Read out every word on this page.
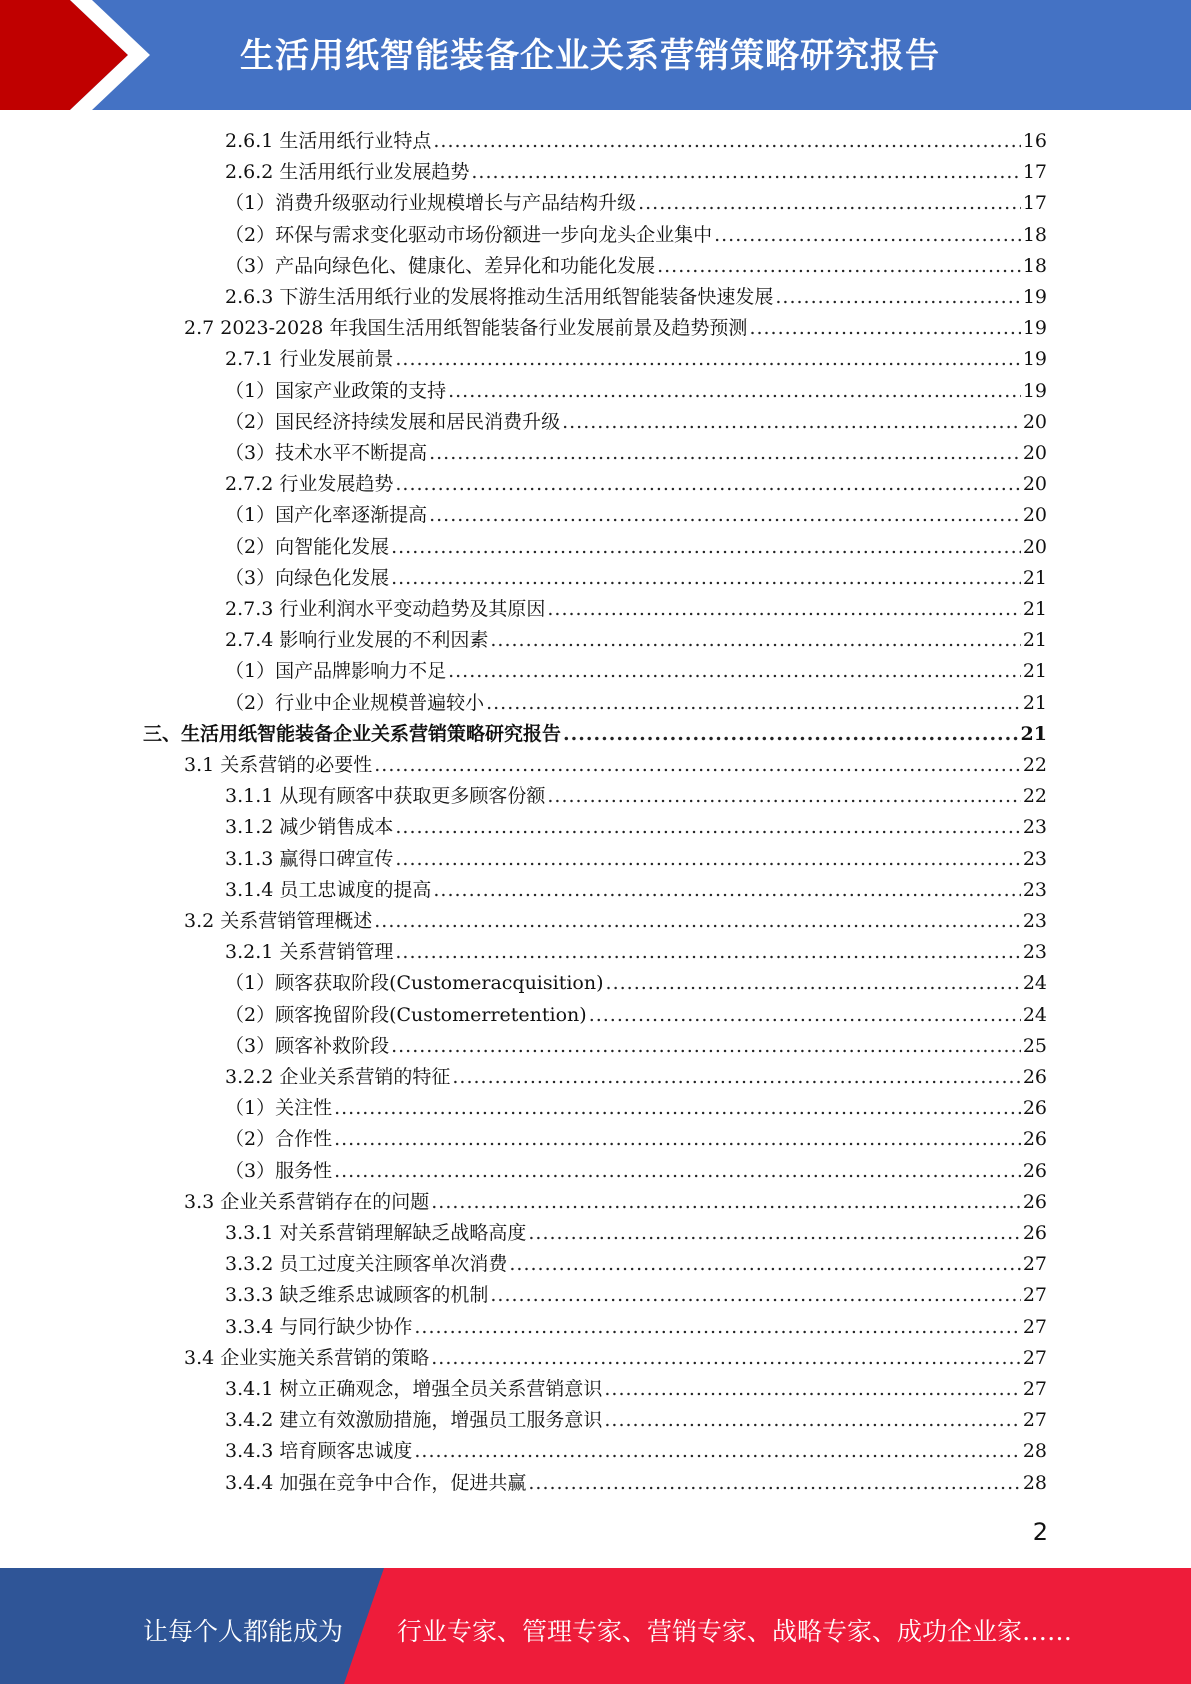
生活用纸智能装备企业关系营销策略研究报告
2.6.1 生活用纸行业特点 .....	16
2.6.2 生活用纸行业发展趋势 .....	17
（1）消费升级驱动行业规模增长与产品结构升级 .....	17
（2）环保与需求变化驱动市场份额进一步向龙头企业集中 .....	18
（3）产品向绿色化、健康化、差异化和功能化发展 .....	18
2.6.3 下游生活用纸行业的发展将推动生活用纸智能装备快速发展 .....	19
2.7 2023-2028 年我国生活用纸智能装备行业发展前景及趋势预测 .....	19
2.7.1 行业发展前景 .....	19
（1）国家产业政策的支持 .....	19
（2）国民经济持续发展和居民消费升级 .....	20
（3）技术水平不断提高 .....	20
2.7.2 行业发展趋势 .....	20
（1）国产化率逐渐提高 .....	20
（2）向智能化发展 .....	20
（3）向绿色化发展 .....	21
2.7.3 行业利润水平变动趋势及其原因 .....	21
2.7.4 影响行业发展的不利因素 .....	21
（1）国产品牌影响力不足 .....	21
（2）行业中企业规模普遍较小 .....	21
三、生活用纸智能装备企业关系营销策略研究报告 .....	21
3.1 关系营销的必要性 .....	22
3.1.1 从现有顾客中获取更多顾客份额 .....	22
3.1.2 减少销售成本 .....	23
3.1.3 赢得口碑宣传 .....	23
3.1.4 员工忠诚度的提高 .....	23
3.2 关系营销管理概述 .....	23
3.2.1 关系营销管理 .....	23
（1）顾客获取阶段(Customeracquisition) .....	24
（2）顾客挽留阶段(Customerretention) .....	24
（3）顾客补救阶段 .....	25
3.2.2 企业关系营销的特征 .....	26
（1）关注性 .....	26
（2）合作性 .....	26
（3）服务性 .....	26
3.3 企业关系营销存在的问题 .....	26
3.3.1 对关系营销理解缺乏战略高度 .....	26
3.3.2 员工过度关注顾客单次消费 .....	27
3.3.3 缺乏维系忠诚顾客的机制 .....	27
3.3.4 与同行缺少协作 .....	27
3.4 企业实施关系营销的策略 .....	27
3.4.1 树立正确观念，增强全员关系营销意识 .....	27
3.4.2 建立有效激励措施，增强员工服务意识 .....	27
3.4.3 培育顾客忠诚度 .....	28
3.4.4 加强在竞争中合作，促进共赢 .....	28
2
让每个人都能成为 行业专家、管理专家、营销专家、战略专家、成功企业家……
